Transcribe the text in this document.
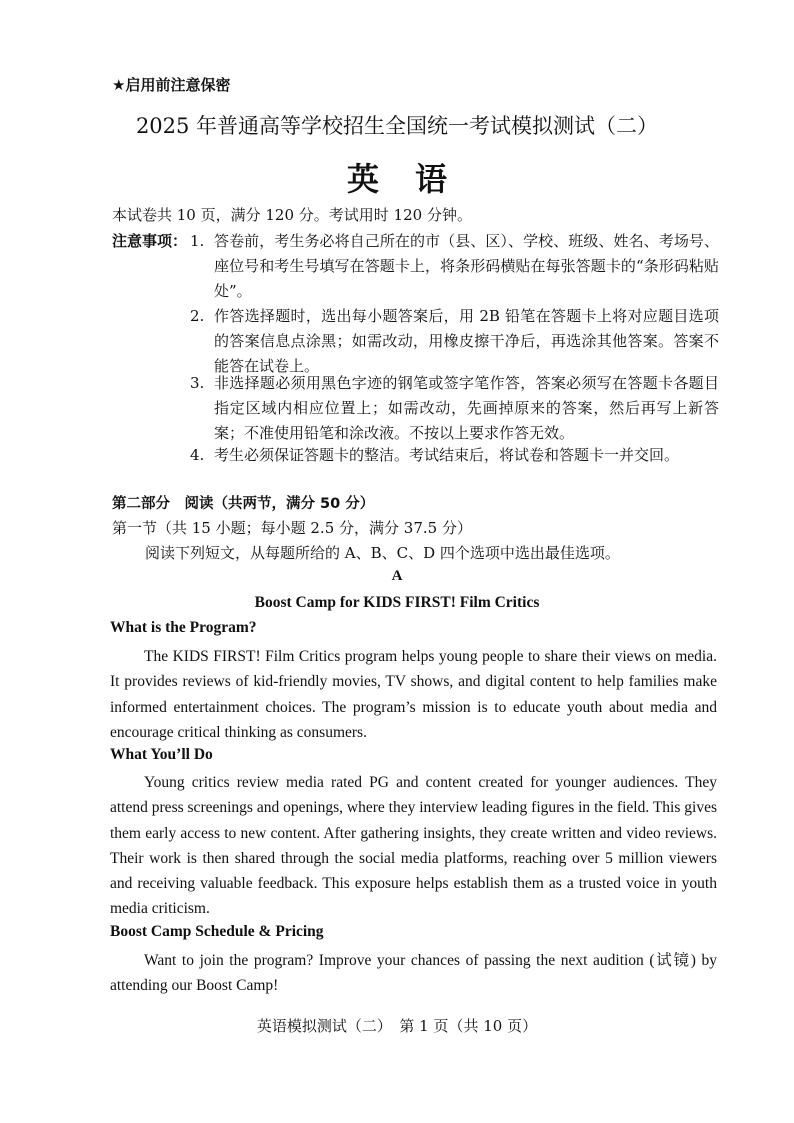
★启用前注意保密
2025 年普通高等学校招生全国统一考试模拟测试（二）
英语
本试卷共 10 页，满分 120 分。考试用时 120 分钟。
注意事项： 1. 答卷前，考生务必将自己所在的市（县、区）、学校、班级、姓名、考场号、座位号和考生号填写在答题卡上，将条形码横贴在每张答题卡的“条形码粘贴处”。
2. 作答选择题时，选出每小题答案后，用 2B 铅笔在答题卡上将对应题目选项的答案信息点涂黑；如需改动，用橡皮擦干净后，再选涂其他答案。答案不能答在试卷上。
3. 非选择题必须用黑色字迹的钢笔或签字笔作答，答案必须写在答题卡各题目指定区域内相应位置上；如需改动，先画掉原来的答案，然后再写上新答案；不准使用铅笔和涂改液。不按以上要求作答无效。
4. 考生必须保证答题卡的整洁。考试结束后，将试卷和答题卡一并交回。
第二部分　阅读（共两节，满分 50 分）
第一节（共 15 小题；每小题 2.5 分，满分 37.5 分）
阅读下列短文，从每题所给的 A、B、C、D 四个选项中选出最佳选项。
A
Boost Camp for KIDS FIRST! Film Critics
What is the Program?
The KIDS FIRST! Film Critics program helps young people to share their views on media. It provides reviews of kid-friendly movies, TV shows, and digital content to help families make informed entertainment choices. The program’s mission is to educate youth about media and encourage critical thinking as consumers.
What You’ll Do
Young critics review media rated PG and content created for younger audiences. They attend press screenings and openings, where they interview leading figures in the field. This gives them early access to new content. After gathering insights, they create written and video reviews. Their work is then shared through the social media platforms, reaching over 5 million viewers and receiving valuable feedback. This exposure helps establish them as a trusted voice in youth media criticism.
Boost Camp Schedule & Pricing
Want to join the program? Improve your chances of passing the next audition (试镜) by attending our Boost Camp!
英语模拟测试（二）　第 1 页（共 10 页）
